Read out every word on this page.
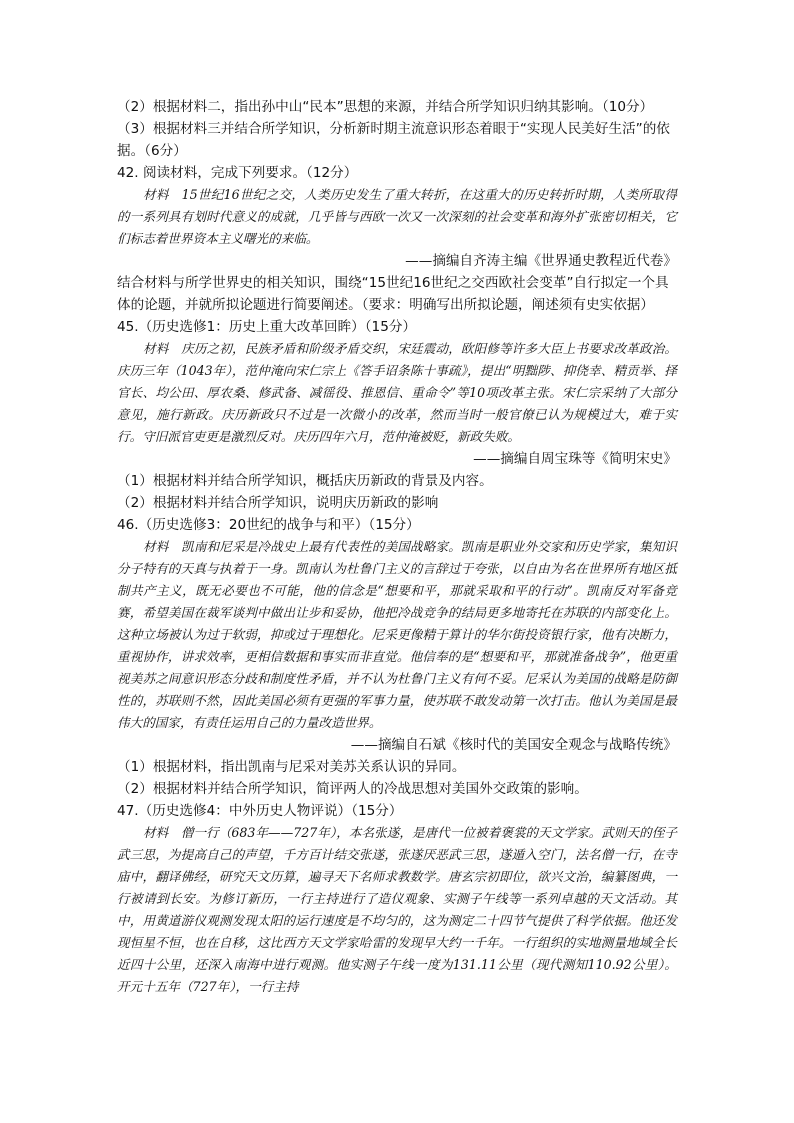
（2）根据材料二，指出孙中山“民本”思想的来源，并结合所学知识归纳其影响。（10分）

（3）根据材料三并结合所学知识，分析新时期主流意识形态着眼于“实现人民美好生活”的依据。（6分）

42. 阅读材料，完成下列要求。（12分）

材料　15世纪16世纪之交，人类历史发生了重大转折，在这重大的历史转折时期，人类所取得的一系列具有划时代意义的成就，几乎皆与西欧一次又一次深刻的社会变革和海外扩张密切相关，它们标志着世界资本主义曙光的来临。

——摘编自齐涛主编《世界通史教程近代卷》

结合材料与所学世界史的相关知识，围绕“15世纪16世纪之交西欧社会变革”自行拟定一个具体的论题，并就所拟论题进行简要阐述。（要求：明确写出所拟论题，阐述须有史实依据）

45.（历史选修1：历史上重大改革回眸）（15分）

材料　庆历之初，民族矛盾和阶级矛盾交织，宋廷震动，欧阳修等许多大臣上书要求改革政治。庆历三年（1043年），范仲淹向宋仁宗上《答手诏条陈十事疏》，提出“明黜陟、抑侥幸、精贡举、择官长、均公田、厚农桑、修武备、减徭役、推恩信、重命令”等10项改革主张。宋仁宗采纳了大部分意见，施行新政。庆历新政只不过是一次微小的改革，然而当时一般官僚已认为规模过大，难于实行。守旧派官吏更是激烈反对。庆历四年六月，范仲淹被贬，新政失败。

——摘编自周宝珠等《简明宋史》

（1）根据材料并结合所学知识，概括庆历新政的背景及内容。

（2）根据材料并结合所学知识，说明庆历新政的影响

46.（历史选修3：20世纪的战争与和平）（15分）

材料　凯南和尼采是冷战史上最有代表性的美国战略家。凯南是职业外交家和历史学家，集知识分子特有的天真与执着于一身。凯南认为杜鲁门主义的言辞过于夸张，以自由为名在世界所有地区抵制共产主义，既无必要也不可能，他的信念是“想要和平，那就采取和平的行动”。凯南反对军备竞赛，希望美国在裁军谈判中做出让步和妥协，他把冷战竞争的结局更多地寄托在苏联的内部变化上。这种立场被认为过于软弱，抑或过于理想化。尼采更像精于算计的华尔街投资银行家，他有决断力，重视协作，讲求效率，更相信数据和事实而非直觉。他信奉的是“想要和平，那就准备战争”，他更重视美苏之间意识形态分歧和制度性矛盾，并不认为杜鲁门主义有何不妥。尼采认为美国的战略是防御性的，苏联则不然，因此美国必须有更强的军事力量，使苏联不敢发动第一次打击。他认为美国是最伟大的国家，有责任运用自己的力量改造世界。

——摘编自石斌《核时代的美国安全观念与战略传统》

（1）根据材料，指出凯南与尼采对美苏关系认识的异同。

（2）根据材料并结合所学知识，简评两人的冷战思想对美国外交政策的影响。

47.（历史选修4：中外历史人物评说）（15分）

材料　僧一行（683年——727年），本名张遂，是唐代一位被着褒裳的天文学家。武则天的侄子武三思，为提高自己的声望，千方百计结交张遂，张遂厌恶武三思，遂遁入空门，法名僧一行，在寺庙中，翻译佛经，研究天文历算，遍寻天下名师求教数学。唐玄宗初即位，欲兴文治，编纂图典，一行被请到长安。为修订新历，一行主持进行了造仪观象、实测子午线等一系列卓越的天文活动。其中，用黄道游仪观测发现太阳的运行速度是不均匀的，这为测定二十四节气提供了科学依据。他还发现恒星不恒，也在自移，这比西方天文学家哈雷的发现早大约一千年。一行组织的实地测量地域全长近四十公里，还深入南海中进行观测。他实测子午线一度为131.11公里（现代测知110.92公里）。开元十五年（727年），一行主持
